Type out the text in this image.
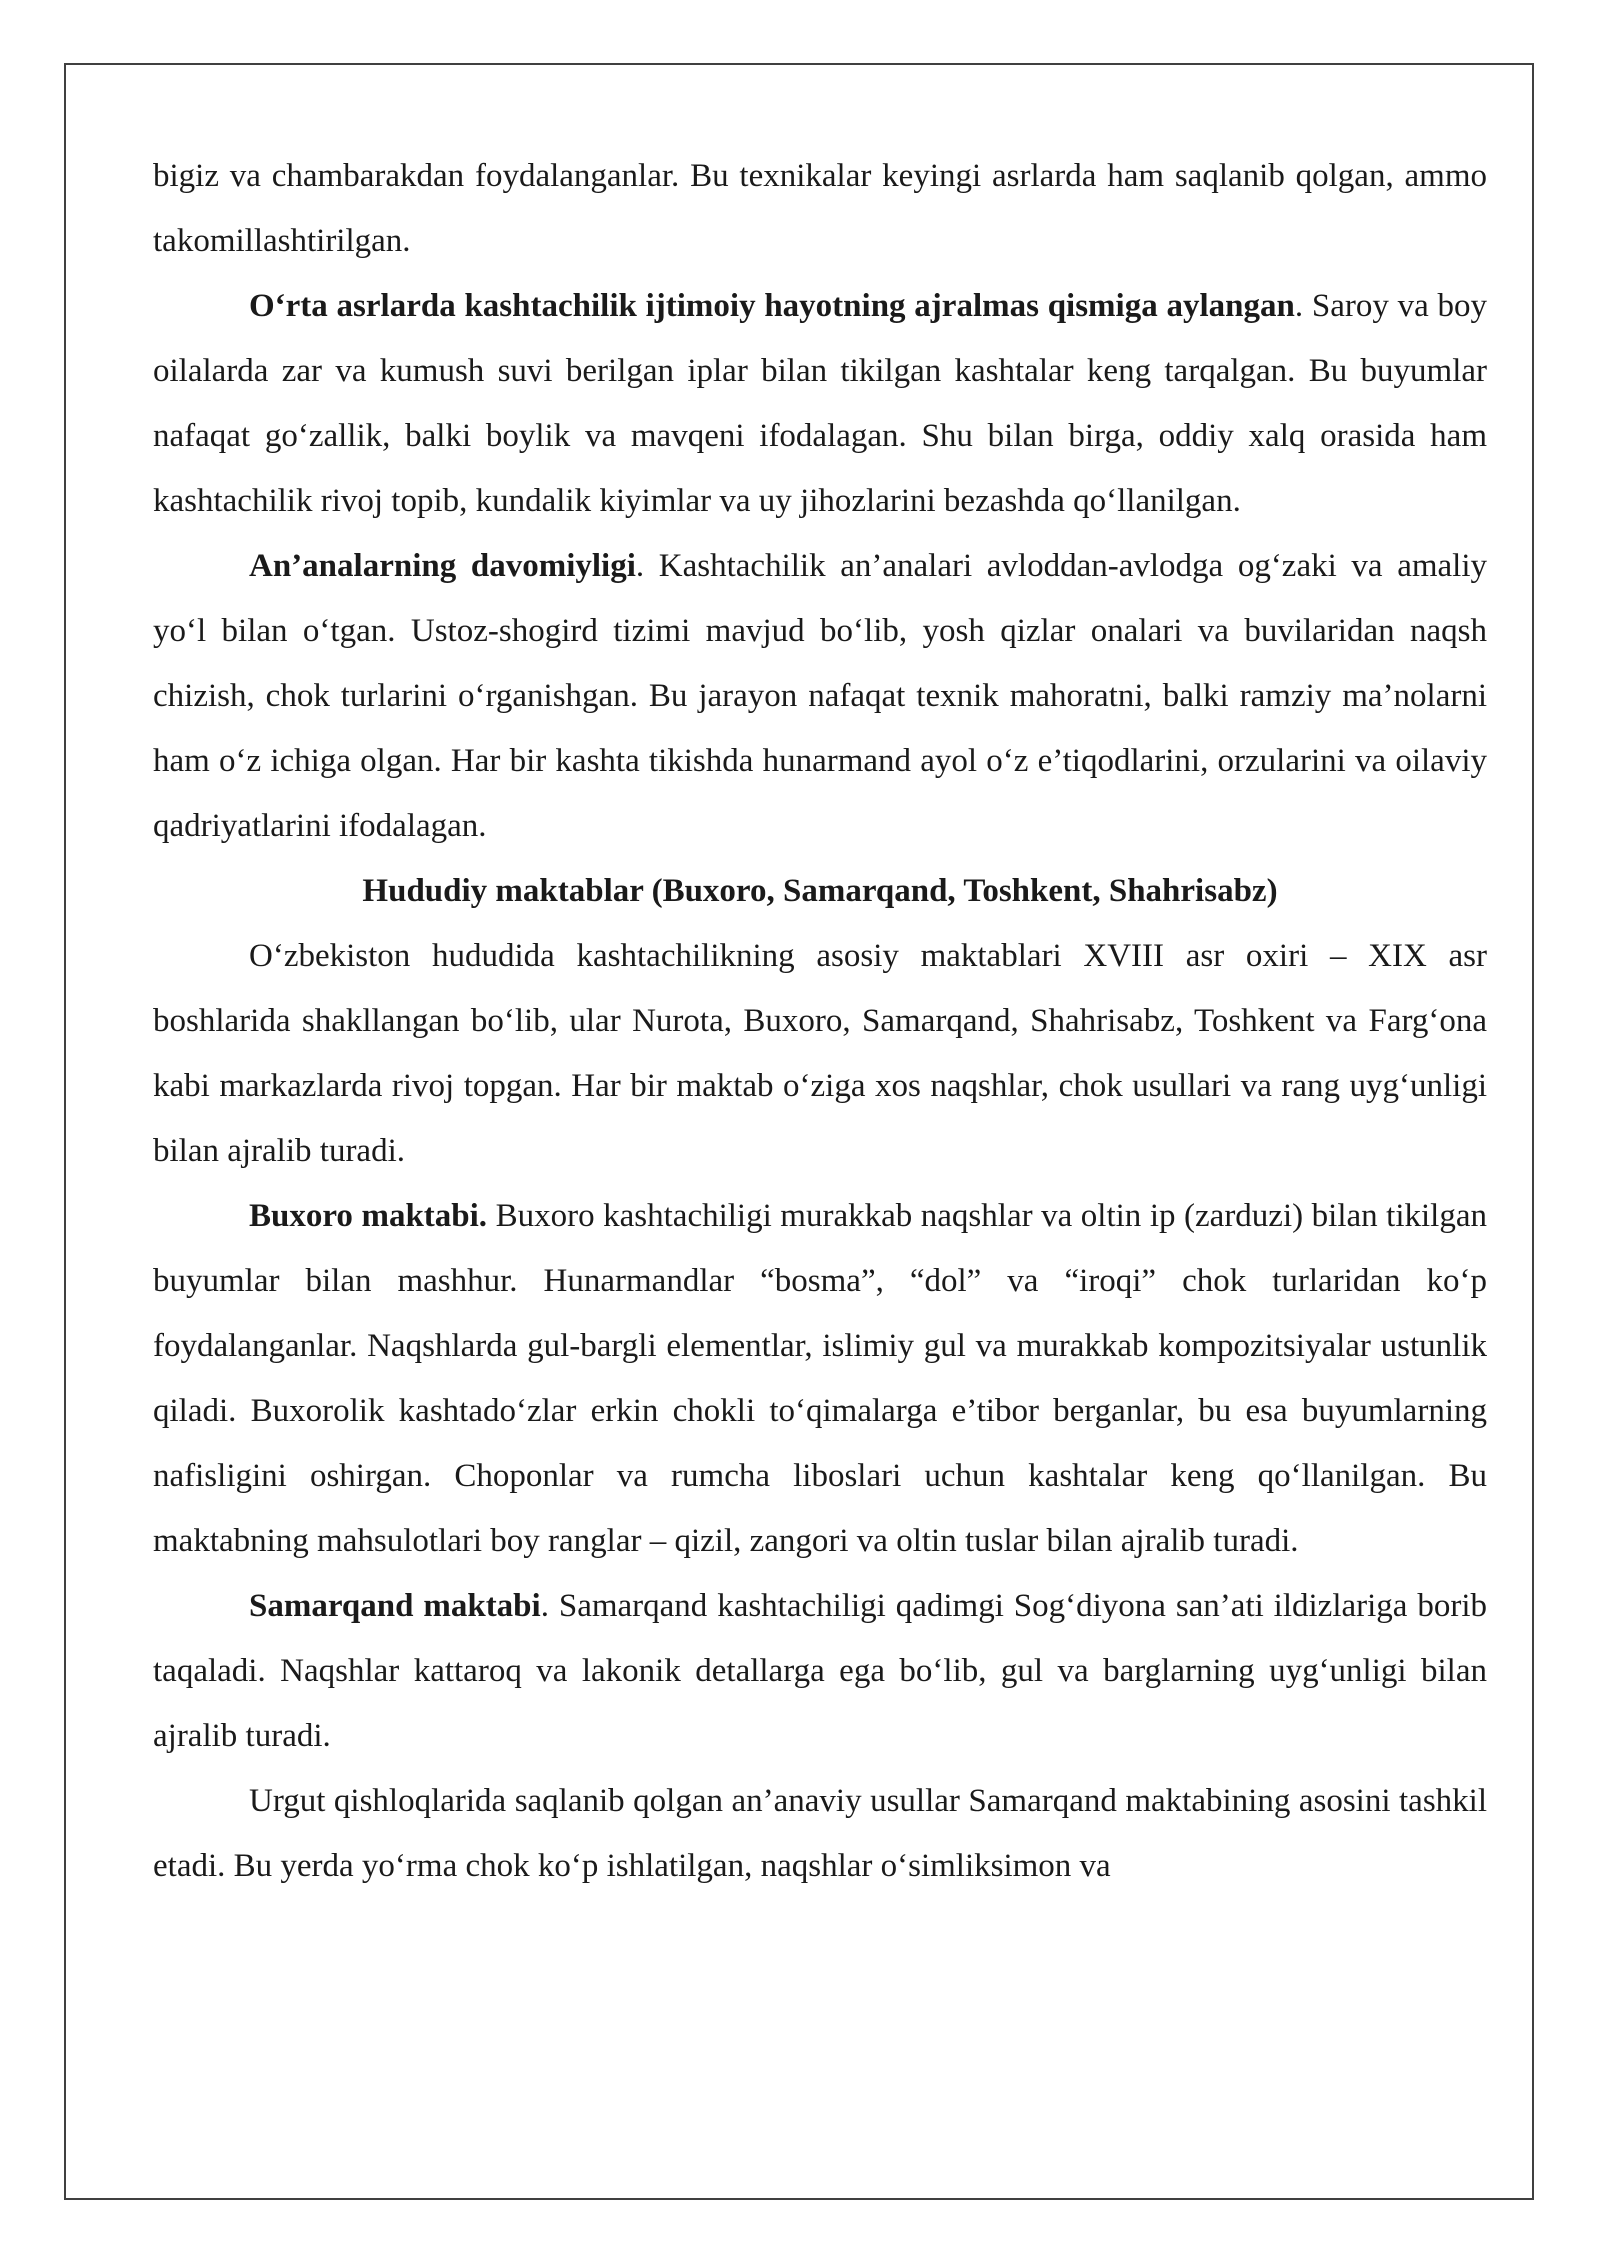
bigiz va chambarakdan foydalanganlar. Bu texnikalar keyingi asrlarda ham saqlanib qolgan, ammo takomillashtirilgan.

O‘rta asrlarda kashtachilik ijtimoiy hayotning ajralmas qismiga aylangan. Saroy va boy oilalarda zar va kumush suvi berilgan iplar bilan tikilgan kashtalar keng tarqalgan. Bu buyumlar nafaqat go‘zallik, balki boylik va mavqeni ifodalagan. Shu bilan birga, oddiy xalq orasida ham kashtachilik rivoj topib, kundalik kiyimlar va uy jihozlarini bezashda qo‘llanilgan.

An’analarning davomiyligi. Kashtachilik an’analari avloddan-avlodga og‘zaki va amaliy yo‘l bilan o‘tgan. Ustoz-shogird tizimi mavjud bo‘lib, yosh qizlar onalari va buvilaridan naqsh chizish, chok turlarini o‘rganishgan. Bu jarayon nafaqat texnik mahoratni, balki ramziy ma’nolarni ham o‘z ichiga olgan. Har bir kashta tikishda hunarmand ayol o‘z e’tiqodlarini, orzularini va oilaviy qadriyatlarini ifodalagan.

Hududiy maktablar (Buxoro, Samarqand, Toshkent, Shahrisabz)

O‘zbekiston hududida kashtachilikning asosiy maktablari XVIII asr oxiri – XIX asr boshlarida shakllangan bo‘lib, ular Nurota, Buxoro, Samarqand, Shahrisabz, Toshkent va Farg‘ona kabi markazlarda rivoj topgan. Har bir maktab o‘ziga xos naqshlar, chok usullari va rang uyg‘unligi bilan ajralib turadi.

Buxoro maktabi. Buxoro kashtachiligi murakkab naqshlar va oltin ip (zarduzi) bilan tikilgan buyumlar bilan mashhur. Hunarmandlar “bosma”, “dol” va “iroqi” chok turlaridan ko‘p foydalanganlar. Naqshlarda gul-bargli elementlar, islimiy gul va murakkab kompozitsiyalar ustunlik qiladi. Buxorolik kashtado‘zlar erkin chokli to‘qimalarga e’tibor berganlar, bu esa buyumlarning nafisligini oshirgan. Choponlar va rumcha liboslari uchun kashtalar keng qo‘llanilgan. Bu maktabning mahsulotlari boy ranglar – qizil, zangori va oltin tuslar bilan ajralib turadi.

Samarqand maktabi. Samarqand kashtachiligi qadimgi Sog‘diyona san’ati ildizlariga borib taqaladi. Naqshlar kattaroq va lakonik detallarga ega bo‘lib, gul va barglarning uyg‘unligi bilan ajralib turadi.

Urgut qishloqlarida saqlanib qolgan an’anaviy usullar Samarqand maktabining asosini tashkil etadi. Bu yerda yo‘rma chok ko‘p ishlatilgan, naqshlar o‘simliksimon va
